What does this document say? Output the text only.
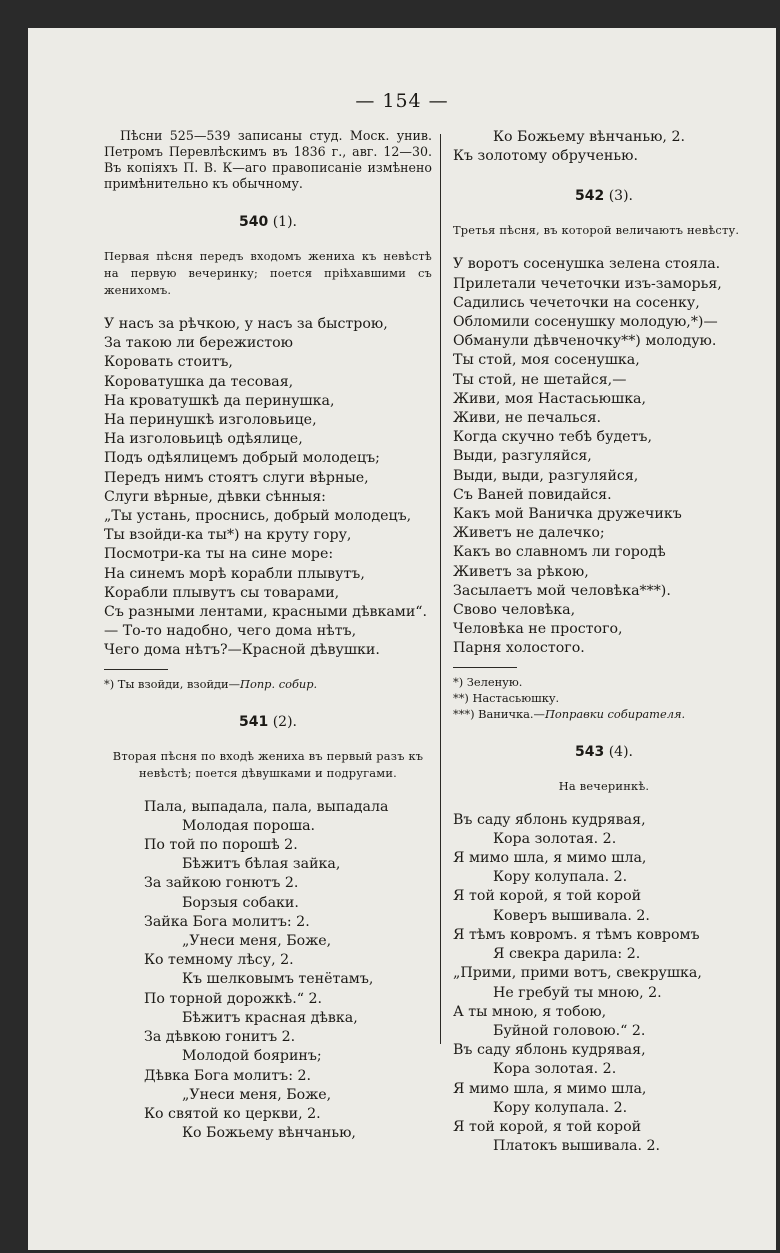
— 154 —

Пѣсни 525—539 записаны студ. Моск. унив. Петромъ Перевлѣскимъ въ 1836 г., авг. 12—30. Въ копіяхъ П. В. К—аго правописаніе измѣнено примѣнительно къ обычному.

540 (1).

Первая пѣсня передъ входомъ жениха къ невѣстѣ на первую вечеринку; поется пріѣхавшими съ женихомъ.

У насъ за рѣчкою, у насъ за быстрою,
За такою ли бережистою
Коровать стоитъ,
Короватушка да тесовая,
На кроватушкѣ да перинушка,
На перинушкѣ изголовьице,
На изголовьицѣ одѣялице,
Подъ одѣялицемъ добрый молодецъ;
Передъ нимъ стоятъ слуги вѣрные,
Слуги вѣрные, дѣвки сѣнныя:
„Ты устань, проснись, добрый молодецъ,
Ты взойди-ка ты*) на круту гору,
Посмотри-ка ты на сине море:
На синемъ морѣ корабли плывутъ,
Корабли плывутъ сы товарами,
Съ разными лентами, красными дѣвками“.
— То-то надобно, чего дома нѣтъ,
Чего дома нѣтъ?—Красной дѣвушки.
*) Ты взойди, взойди—Попр. собир.
541 (2).

Вторая пѣсня по входѣ жениха въ первый разъ къ невѣстѣ; поется дѣвушками и подругами.

Пала, выпадала, пала, выпадала
Молодая пороша.
По той по порошѣ 2.
Бѣжитъ бѣлая зайка,
За зайкою гонютъ 2.
Борзыя собаки.
Зайка Бога молитъ: 2.
„Унеси меня, Боже,
Ко темному лѣсу, 2.
Къ шелковымъ тенётамъ,
По торной дорожкѣ.“ 2.
Бѣжитъ красная дѣвка,
За дѣвкою гонитъ 2.
Молодой бояринъ;
Дѣвка Бога молитъ: 2.
„Унеси меня, Боже,
Ко святой ко церкви, 2.
Ко Божьему вѣнчанью,
Ко Божьему вѣнчанью, 2.
Къ золотому обрученью.
542 (3).

Третья пѣсня, въ которой величаютъ невѣсту.

У воротъ сосенушка зелена стояла.
Прилетали чечеточки изъ-заморья,
Садились чечеточки на сосенку,
Обломили сосенушку молодую,*)—
Обманули дѣвченочку**) молодую.
Ты стой, моя сосенушка,
Ты стой, не шетайся,—
Живи, моя Настасьюшка,
Живи, не печалься.
Когда скучно тебѣ будетъ,
Выди, разгуляйся,
Выди, выди, разгуляйся,
Съ Ваней повидайся.
Какъ мой Ваничка дружечикъ
Живетъ не далечко;
Какъ во славномъ ли городѣ
Живетъ за рѣкою,
Засылаетъ мой человѣка***).
Свово человѣка,
Человѣка не простого,
Парня холостого.
*) Зеленую.
**) Настасьюшку.
***) Ваничка.—Поправки собирателя.
543 (4).

На вечеринкѣ.

Въ саду яблонь кудрявая,
Кора золотая. 2.
Я мимо шла, я мимо шла,
Кору колупала. 2.
Я той корой, я той корой
Коверъ вышивала. 2.
Я тѣмъ ковромъ. я тѣмъ ковромъ
Я свекра дарила: 2.
„Прими, прими вотъ, свекрушка,
Не гребуй ты мною, 2.
А ты мною, я тобою,
Буйной головою.“ 2.
Въ саду яблонь кудрявая,
Кора золотая. 2.
Я мимо шла, я мимо шла,
Кору колупала. 2.
Я той корой, я той корой
Платокъ вышивала. 2.
